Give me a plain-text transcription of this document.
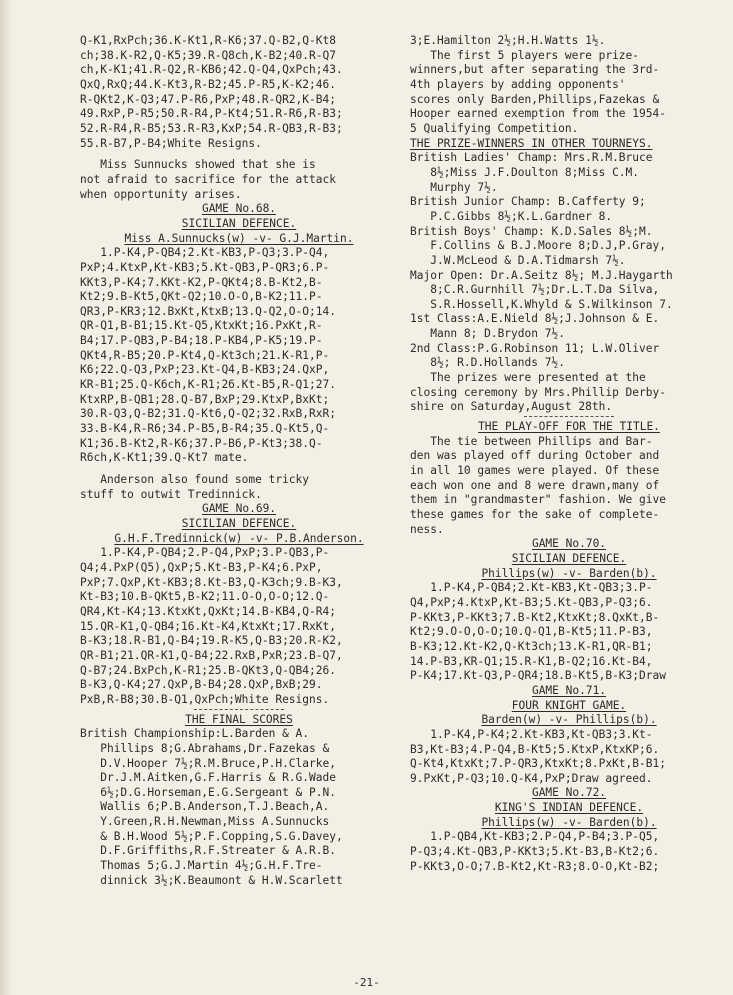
Q-K1,RxPch;36.K-Kt1,R-K6;37.Q-B2,Q-Kt8
ch;38.K-R2,Q-K5;39.R-Q8ch,K-B2;40.R-Q7
ch,K-K1;41.R-Q2,R-KB6;42.Q-Q4,QxPch;43.
QxQ,RxQ;44.K-Kt3,R-B2;45.P-R5,K-K2;46.
R-QKt2,K-Q3;47.P-R6,PxP;48.R-QR2,K-B4;
49.RxP,P-R5;50.R-R4,P-Kt4;51.R-R6,R-B3;
52.R-R4,R-B5;53.R-R3,KxP;54.R-QB3,R-B3;
55.R-B7,P-B4;White Resigns.
Miss Sunnucks showed that she is
not afraid to sacrifice for the attack
when opportunity arises.
GAME No.68.
SICILIAN DEFENCE.
Miss A.Sunnucks(w) -v- G.J.Martin.
1.P-K4,P-QB4;2.Kt-KB3,P-Q3;3.P-Q4,
PxP;4.KtxP,Kt-KB3;5.Kt-QB3,P-QR3;6.P-
KKt3,P-K4;7.KKt-K2,P-QKt4;8.B-Kt2,B-
Kt2;9.B-Kt5,QKt-Q2;10.O-O,B-K2;11.P-
QR3,P-KR3;12.BxKt,KtxB;13.Q-Q2,O-O;14.
QR-Q1,B-B1;15.Kt-Q5,KtxKt;16.PxKt,R-
B4;17.P-QB3,P-B4;18.P-KB4,P-K5;19.P-
QKt4,R-B5;20.P-Kt4,Q-Kt3ch;21.K-R1,P-
K6;22.Q-Q3,PxP;23.Kt-Q4,B-KB3;24.QxP,
KR-B1;25.Q-K6ch,K-R1;26.Kt-B5,R-Q1;27.
KtxRP,B-QB1;28.Q-B7,BxP;29.KtxP,BxKt;
30.R-Q3,Q-B2;31.Q-Kt6,Q-Q2;32.RxB,RxR;
33.B-K4,R-R6;34.P-B5,B-R4;35.Q-Kt5,Q-
K1;36.B-Kt2,R-K6;37.P-B6,P-Kt3;38.Q-
R6ch,K-Kt1;39.Q-Kt7 mate.
Anderson also found some tricky
stuff to outwit Tredinnick.
GAME No.69.
SICILIAN DEFENCE.
G.H.F.Tredinnick(w) -v- P.B.Anderson.
1.P-K4,P-QB4;2.P-Q4,PxP;3.P-QB3,P-
Q4;4.PxP(Q5),QxP;5.Kt-B3,P-K4;6.PxP,
PxP;7.QxP,Kt-KB3;8.Kt-B3,Q-K3ch;9.B-K3,
Kt-B3;10.B-QKt5,B-K2;11.O-O,O-O;12.Q-
QR4,Kt-K4;13.KtxKt,QxKt;14.B-KB4,Q-R4;
15.QR-K1,Q-QB4;16.Kt-K4,KtxKt;17.RxKt,
B-K3;18.R-B1,Q-B4;19.R-K5,Q-B3;20.R-K2,
QR-B1;21.QR-K1,Q-B4;22.RxB,PxR;23.B-Q7,
Q-B7;24.BxPch,K-R1;25.B-QKt3,Q-QB4;26.
B-K3,Q-K4;27.QxP,B-B4;28.QxP,BxB;29.
PxB,R-B8;30.B-Q1,QxPch;White Resigns.
THE FINAL SCORES
British Championship:L.Barden & A.
Phillips 8;G.Abrahams,Dr.Fazekas &
D.V.Hooper 7½;R.M.Bruce,P.H.Clarke,
Dr.J.M.Aitken,G.F.Harris & R.G.Wade
6½;D.G.Horseman,E.G.Sergeant & P.N.
Wallis 6;P.B.Anderson,T.J.Beach,A.
Y.Green,R.H.Newman,Miss A.Sunnucks
& B.H.Wood 5½;P.F.Copping,S.G.Davey,
D.F.Griffiths,R.F.Streater & A.R.B.
Thomas 5;G.J.Martin 4½;G.H.F.Tre-
dinnick 3½;K.Beaumont & H.W.Scarlett
3;E.Hamilton 2½;H.H.Watts 1½.
The first 5 players were prize-
winners,but after separating the 3rd-
4th players by adding opponents'
scores only Barden,Phillips,Fazekas &
Hooper earned exemption from the 1954-
5 Qualifying Competition.
THE PRIZE-WINNERS IN OTHER TOURNEYS.
British Ladies' Champ: Mrs.R.M.Bruce
8½;Miss J.F.Doulton 8;Miss C.M.
Murphy 7½.
British Junior Champ: B.Cafferty 9;
P.C.Gibbs 8½;K.L.Gardner 8.
British Boys' Champ: K.D.Sales 8½;M.
F.Collins & B.J.Moore 8;D.J,P.Gray,
J.W.McLeod & D.A.Tidmarsh 7½.
Major Open: Dr.A.Seitz 8½; M.J.Haygarth
8;C.R.Gurnhill 7½;Dr.L.T.Da Silva,
S.R.Hossell,K.Whyld & S.Wilkinson 7.
1st Class:A.E.Nield 8½;J.Johnson & E.
Mann 8; D.Brydon 7½.
2nd Class:P.G.Robinson 11; L.W.Oliver
8½; R.D.Hollands 7½.
The prizes were presented at the
closing ceremony by Mrs.Phillip Derby-
shire on Saturday,August 28th.
THE PLAY-OFF FOR THE TITLE.
The tie between Phillips and Bar-
den was played off during October and
in all 10 games were played. Of these
each won one and 8 were drawn,many of
them in "grandmaster" fashion. We give
these games for the sake of complete-
ness.
GAME No.70.
SICILIAN DEFENCE.
Phillips(w) -v- Barden(b).
1.P-K4,P-QB4;2.Kt-KB3,Kt-QB3;3.P-
Q4,PxP;4.KtxP,Kt-B3;5.Kt-QB3,P-Q3;6.
P-KKt3,P-KKt3;7.B-Kt2,KtxKt;8.QxKt,B-
Kt2;9.O-O,O-O;10.Q-Q1,B-Kt5;11.P-B3,
B-K3;12.Kt-K2,Q-Kt3ch;13.K-R1,QR-B1;
14.P-B3,KR-Q1;15.R-K1,B-Q2;16.Kt-B4,
P-K4;17.Kt-Q3,P-QR4;18.B-Kt5,B-K3;Draw
GAME No.71.
FOUR KNIGHT GAME.
Barden(w) -v- Phillips(b).
1.P-K4,P-K4;2.Kt-KB3,Kt-QB3;3.Kt-
B3,Kt-B3;4.P-Q4,B-Kt5;5.KtxP,KtxKP;6.
Q-Kt4,KtxKt;7.P-QR3,KtxKt;8.PxKt,B-B1;
9.PxKt,P-Q3;10.Q-K4,PxP;Draw agreed.
GAME No.72.
KING'S INDIAN DEFENCE.
Phillips(w) -v- Barden(b).
1.P-QB4,Kt-KB3;2.P-Q4,P-B4;3.P-Q5,
P-Q3;4.Kt-QB3,P-KKt3;5.Kt-B3,B-Kt2;6.
P-KKt3,O-O;7.B-Kt2,Kt-R3;8.O-O,Kt-B2;
-21-
